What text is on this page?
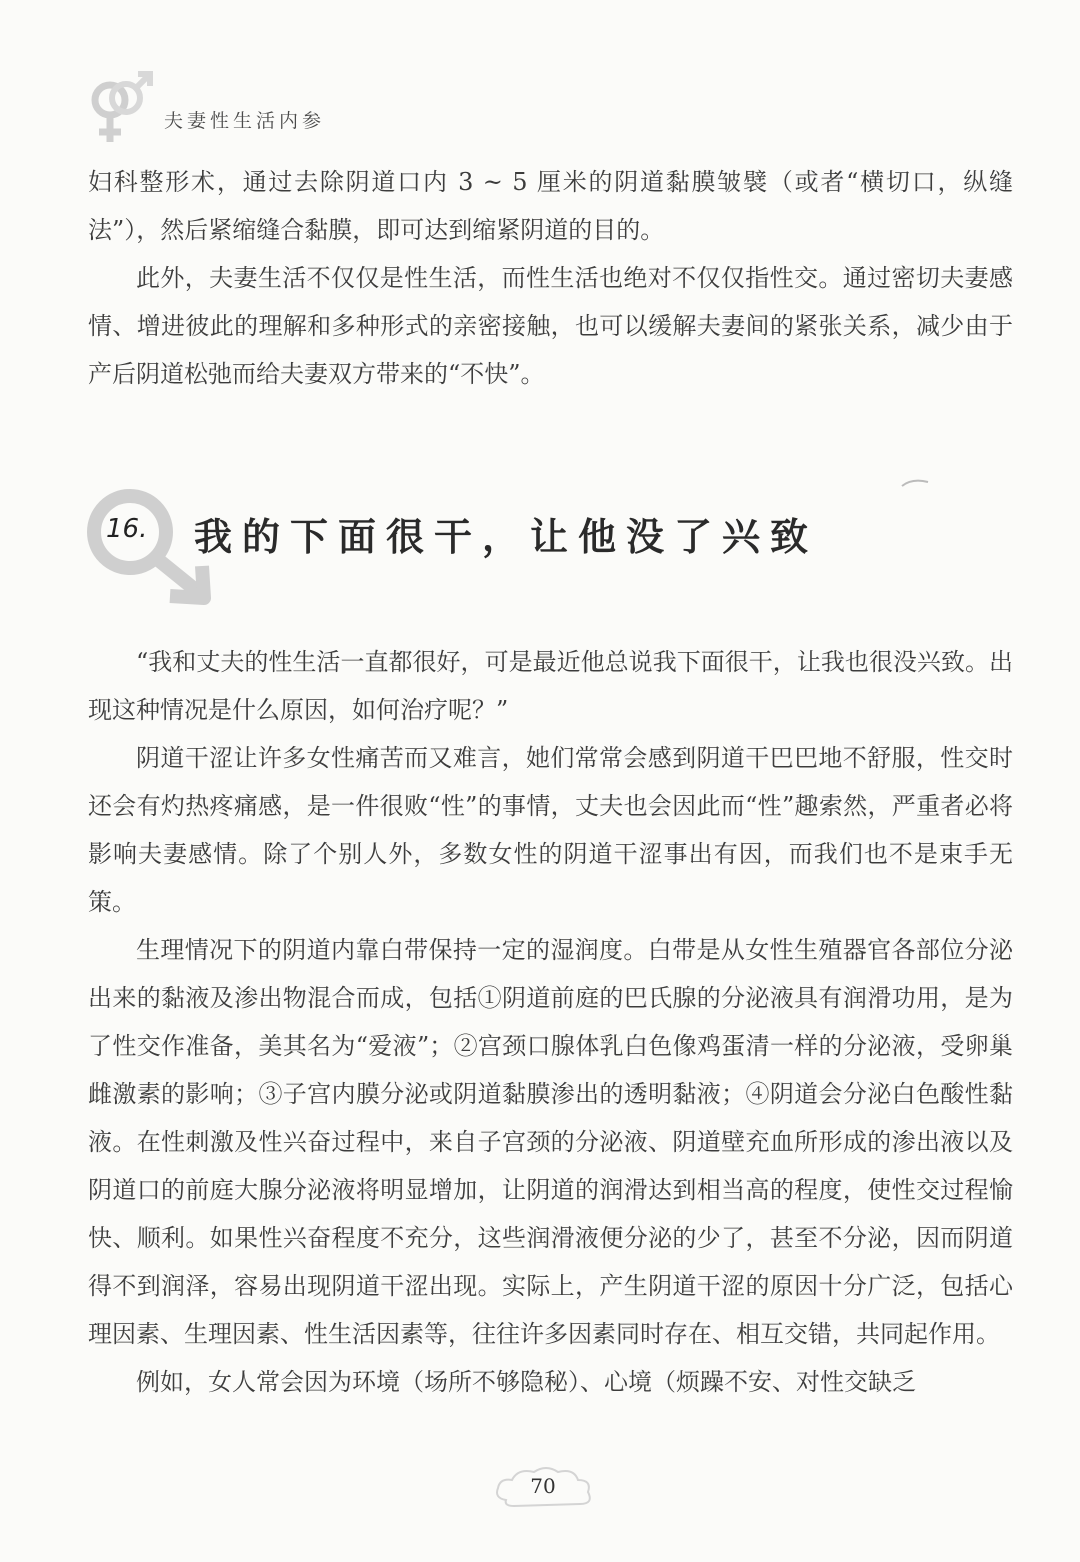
夫妻性生活内参

妇科整形术，通过去除阴道口内 3 ~ 5 厘米的阴道黏膜皱襞（或者“横切口，纵缝法”），然后紧缩缝合黏膜，即可达到缩紧阴道的目的。

此外，夫妻生活不仅仅是性生活，而性生活也绝对不仅仅指性交。通过密切夫妻感情、增进彼此的理解和多种形式的亲密接触，也可以缓解夫妻间的紧张关系，减少由于产后阴道松弛而给夫妻双方带来的“不快”。

16. 我的下面很干，让他没了兴致

“我和丈夫的性生活一直都很好，可是最近他总说我下面很干，让我也很没兴致。出现这种情况是什么原因，如何治疗呢？”

阴道干涩让许多女性痛苦而又难言，她们常常会感到阴道干巴巴地不舒服，性交时还会有灼热疼痛感，是一件很败“性”的事情，丈夫也会因此而“性”趣索然，严重者必将影响夫妻感情。除了个别人外，多数女性的阴道干涩事出有因，而我们也不是束手无策。

生理情况下的阴道内靠白带保持一定的湿润度。白带是从女性生殖器官各部位分泌出来的黏液及渗出物混合而成，包括①阴道前庭的巴氏腺的分泌液具有润滑功用，是为了性交作准备，美其名为“爱液”；②宫颈口腺体乳白色像鸡蛋清一样的分泌液，受卵巢雌激素的影响；③子宫内膜分泌或阴道黏膜渗出的透明黏液；④阴道会分泌白色酸性黏液。在性刺激及性兴奋过程中，来自子宫颈的分泌液、阴道壁充血所形成的渗出液以及阴道口的前庭大腺分泌液将明显增加，让阴道的润滑达到相当高的程度，使性交过程愉快、顺利。如果性兴奋程度不充分，这些润滑液便分泌的少了，甚至不分泌，因而阴道得不到润泽，容易出现阴道干涩出现。实际上，产生阴道干涩的原因十分广泛，包括心理因素、生理因素、性生活因素等，往往许多因素同时存在、相互交错，共同起作用。

例如，女人常会因为环境（场所不够隐秘）、心境（烦躁不安、对性交缺乏

70
